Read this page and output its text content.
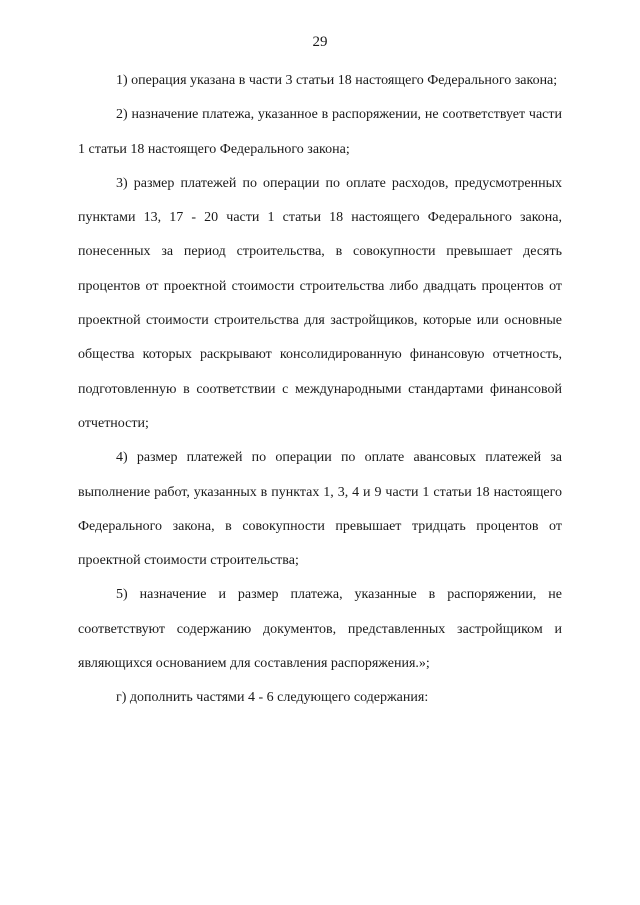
29

1) операция указана в части 3 статьи 18 настоящего Федерального закона;

2) назначение платежа, указанное в распоряжении, не соответствует части 1 статьи 18 настоящего Федерального закона;

3) размер платежей по операции по оплате расходов, предусмотренных пунктами 13, 17 - 20 части 1 статьи 18 настоящего Федерального закона, понесенных за период строительства, в совокупности превышает десять процентов от проектной стоимости строительства либо двадцать процентов от проектной стоимости строительства для застройщиков, которые или основные общества которых раскрывают консолидированную финансовую отчетность, подготовленную в соответствии с международными стандартами финансовой отчетности;

4) размер платежей по операции по оплате авансовых платежей за выполнение работ, указанных в пунктах 1, 3, 4 и 9 части 1 статьи 18 настоящего Федерального закона, в совокупности превышает тридцать процентов от проектной стоимости строительства;

5) назначение и размер платежа, указанные в распоряжении, не соответствуют содержанию документов, представленных застройщиком и являющихся основанием для составления распоряжения.»;

г) дополнить частями 4 - 6 следующего содержания:
